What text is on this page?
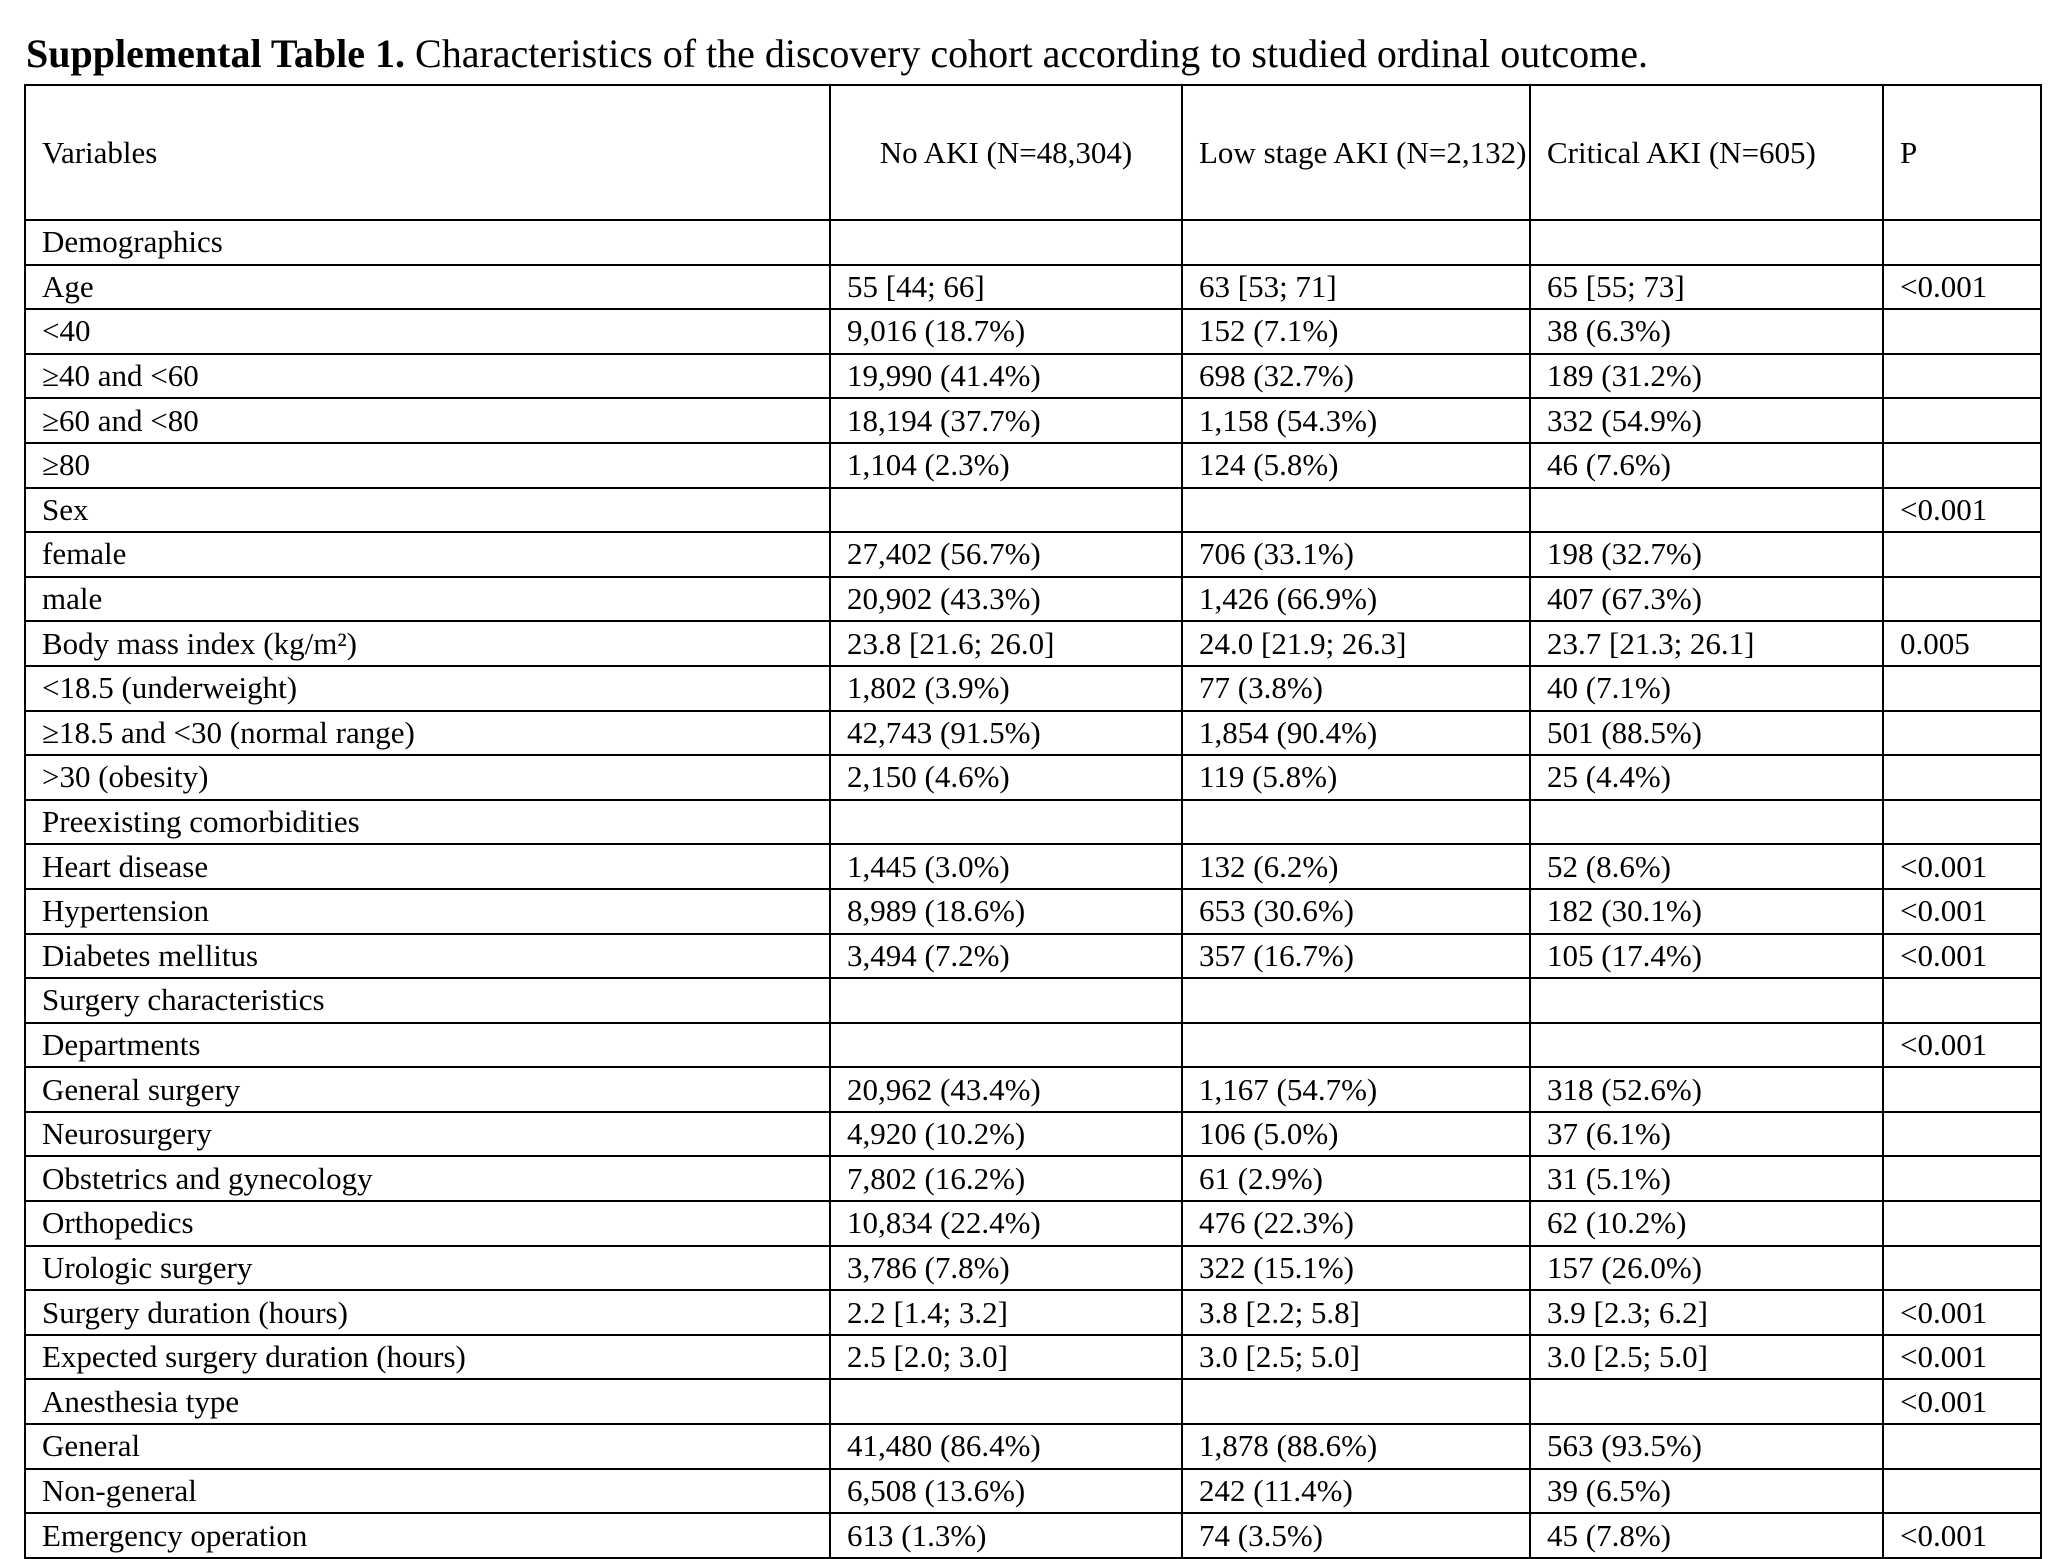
Supplemental Table 1. Characteristics of the discovery cohort according to studied ordinal outcome.
Variables	No AKI (N=48,304)	Low stage AKI (N=2,132)	Critical AKI (N=605)	P
Demographics				
Age	55 [44; 66]	63 [53; 71]	65 [55; 73]	<0.001
<40	9,016 (18.7%)	152 (7.1%)	38 (6.3%)	
≥40 and <60	19,990 (41.4%)	698 (32.7%)	189 (31.2%)	
≥60 and <80	18,194 (37.7%)	1,158 (54.3%)	332 (54.9%)	
≥80	1,104 (2.3%)	124 (5.8%)	46 (7.6%)	
Sex				<0.001
female	27,402 (56.7%)	706 (33.1%)	198 (32.7%)	
male	20,902 (43.3%)	1,426 (66.9%)	407 (67.3%)	
Body mass index (kg/m²)	23.8 [21.6; 26.0]	24.0 [21.9; 26.3]	23.7 [21.3; 26.1]	0.005
<18.5 (underweight)	1,802 (3.9%)	77 (3.8%)	40 (7.1%)	
≥18.5 and <30 (normal range)	42,743 (91.5%)	1,854 (90.4%)	501 (88.5%)	
>30 (obesity)	2,150 (4.6%)	119 (5.8%)	25 (4.4%)	
Preexisting comorbidities				
Heart disease	1,445 (3.0%)	132 (6.2%)	52 (8.6%)	<0.001
Hypertension	8,989 (18.6%)	653 (30.6%)	182 (30.1%)	<0.001
Diabetes mellitus	3,494 (7.2%)	357 (16.7%)	105 (17.4%)	<0.001
Surgery characteristics				
Departments				<0.001
General surgery	20,962 (43.4%)	1,167 (54.7%)	318 (52.6%)	
Neurosurgery	4,920 (10.2%)	106 (5.0%)	37 (6.1%)	
Obstetrics and gynecology	7,802 (16.2%)	61 (2.9%)	31 (5.1%)	
Orthopedics	10,834 (22.4%)	476 (22.3%)	62 (10.2%)	
Urologic surgery	3,786 (7.8%)	322 (15.1%)	157 (26.0%)	
Surgery duration (hours)	2.2 [1.4; 3.2]	3.8 [2.2; 5.8]	3.9 [2.3; 6.2]	<0.001
Expected surgery duration (hours)	2.5 [2.0; 3.0]	3.0 [2.5; 5.0]	3.0 [2.5; 5.0]	<0.001
Anesthesia type				<0.001
General	41,480 (86.4%)	1,878 (88.6%)	563 (93.5%)	
Non-general	6,508 (13.6%)	242 (11.4%)	39 (6.5%)	
Emergency operation	613 (1.3%)	74 (3.5%)	45 (7.8%)	<0.001
